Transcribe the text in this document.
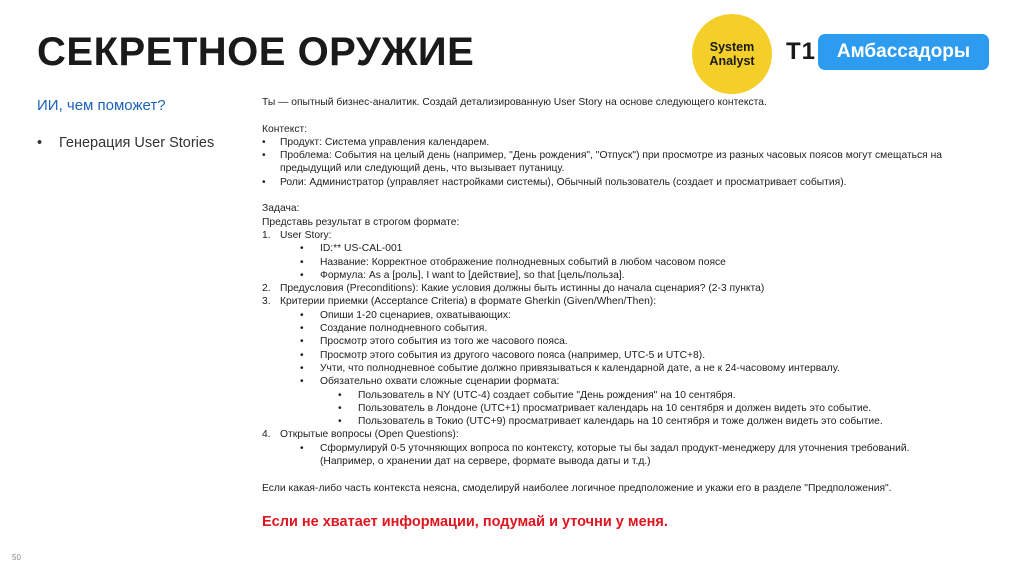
СЕКРЕТНОЕ ОРУЖИЕ
ИИ, чем поможет?
• Генерация User Stories
System
Analyst T1	Амбассадоры
Ты — опытный бизнес-аналитик. Создай детализированную User Story на основе следующего контекста.
Контекст:
• Продукт: Система управления календарем.
• Проблема: События на целый день (например, "День рождения", "Отпуск") при просмотре из разных часовых поясов могут смещаться на
предыдущий или следующий день, что вызывает путаницу.
• Роли: Администратор (управляет настройками системы), Обычный пользователь (создает и просматривает события).
Задача:
Представь результат в строгом формате:
1. User Story:
• ID:** US-CAL-001
• Название: Корректное отображение полнодневных событий в любом часовом поясе
• Формула: As a [роль], I want to [действие], so that [цель/польза].
2. Предусловия (Preconditions): Какие условия должны быть истинны до начала сценария? (2-3 пункта)
3. Критерии приемки (Acceptance Criteria) в формате Gherkin (Given/When/Then):
• Опиши 1-20 сценариев, охватывающих:
• Создание полнодневного события.
• Просмотр этого события из того же часового пояса.
• Просмотр этого события из другого часового пояса (например, UTC-5 и UTC+8).
• Учти, что полнодневное событие должно привязываться к календарной дате, а не к 24-часовому интервалу.
• Обязательно охвати сложные сценарии формата:
• Пользователь в NY (UTC-4) создает событие "День рождения" на 10 сентября.
• Пользователь в Лондоне (UTC+1) просматривает календарь на 10 сентября и должен видеть это событие.
• Пользователь в Токио (UTC+9) просматривает календарь на 10 сентября и тоже должен видеть это событие.
4. Открытые вопросы (Open Questions):
• Сформулируй 0-5 уточняющих вопроса по контексту, которые ты бы задал продукт-менеджеру для уточнения требований.
(Например, о хранении дат на сервере, формате вывода даты и т.д.)
Если какая-либо часть контекста неясна, смоделируй наиболее логичное предположение и укажи его в разделе "Предположения".
Если не хватает информации, подумай и уточни у меня.
50
